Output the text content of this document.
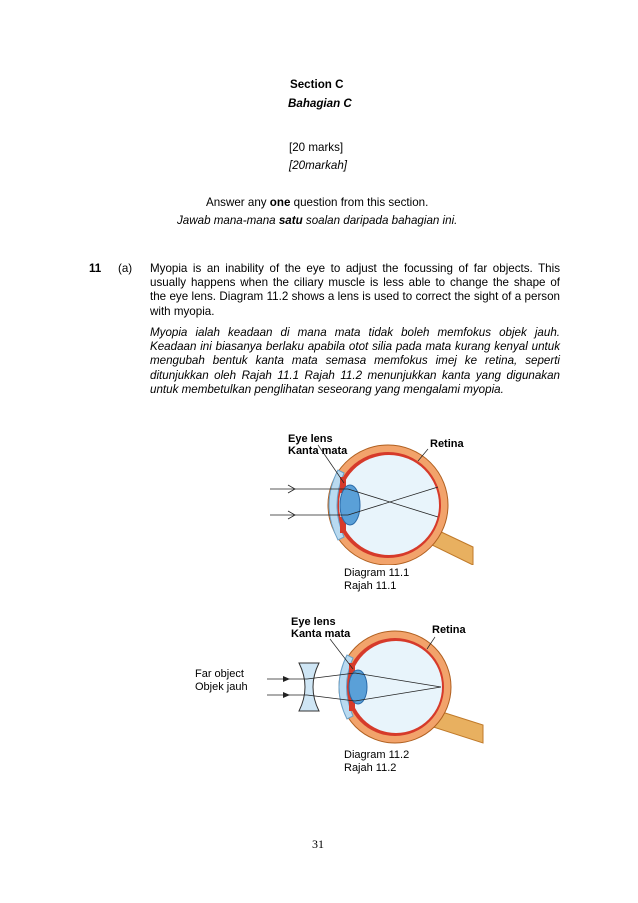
Section C
Bahagian C
[20 marks]
[20markah]
Answer any one question from this section.
Jawab mana-mana satu soalan daripada bahagian ini.
11 (a) Myopia is an inability of the eye to adjust the focussing of far objects. This
usually happens when the ciliary muscle is less able to change the shape of
the eye lens. Diagram 11.2 shows a lens is used to correct the sight of a person
with myopia.
Myopia ialah keadaan di mana mata tidak boleh memfokus objek jauh.
Keadaan ini biasanya berlaku apabila otot silia pada mata kurang kenyal untuk
mengubah bentuk kanta mata semasa memfokus imej ke retina, seperti
ditunjukkan oleh Rajah 11.1 Rajah 11.2 menunjukkan kanta yang digunakan
untuk membetulkan penglihatan seseorang yang mengalami myopia.
Eye lens
Kanta mata
Retina
Diagram 11.1
Rajah 11.1
Eye lens
Kanta mata	Retina
Far object
Objek jauh
Diagram 11.2
Rajah 11.2
31
